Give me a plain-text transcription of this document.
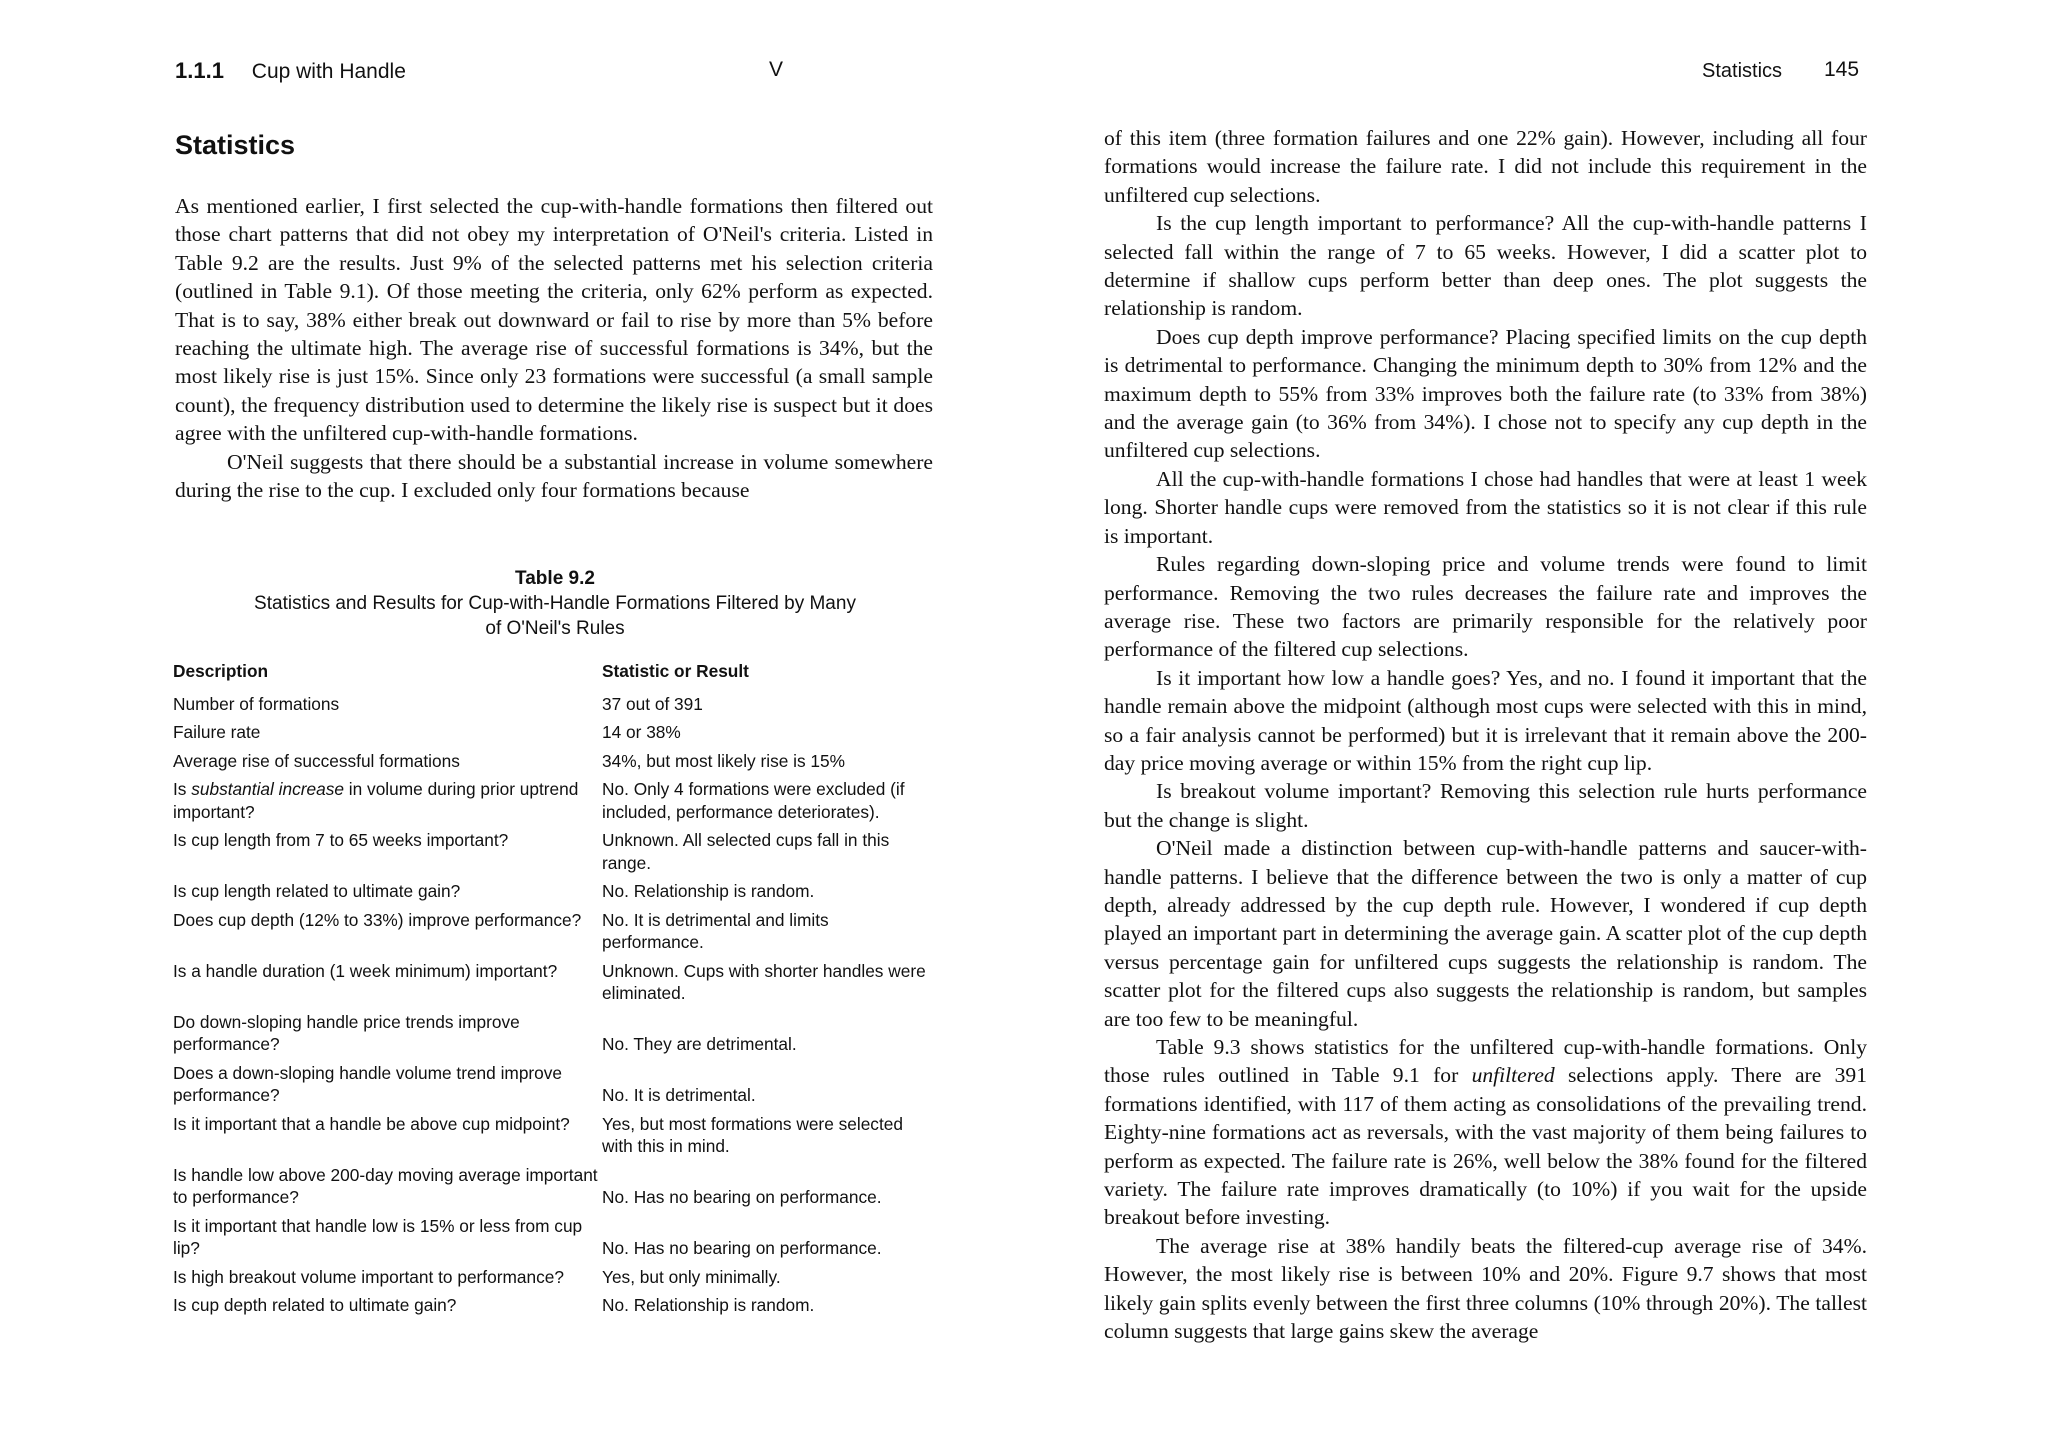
1.1.1 Cup with Handle	V
Statistics

As mentioned earlier, I first selected the cup-with-handle formations then filtered out those chart patterns that did not obey my interpretation of O'Neil's criteria. Listed in Table 9.2 are the results. Just 9% of the selected patterns met his selection criteria (outlined in Table 9.1). Of those meeting the criteria, only 62% perform as expected. That is to say, 38% either break out downward or fail to rise by more than 5% before reaching the ultimate high. The average rise of successful formations is 34%, but the most likely rise is just 15%. Since only 23 formations were successful (a small sample count), the frequency distribution used to determine the likely rise is suspect but it does agree with the unfiltered cup-with-handle formations.

O'Neil suggests that there should be a substantial increase in volume somewhere during the rise to the cup. I excluded only four formations because

Table 9.2
Statistics and Results for Cup-with-Handle Formations Filtered by Many
of O'Neil's Rules
Description	Statistic or Result
Number of formations	37 out of 391
Failure rate	14 or 38%
Average rise of successful formations	34%, but most likely rise is 15%
Is substantial increase in volume during prior uptrend important?	No. Only 4 formations were excluded (if included, performance deteriorates).
Is cup length from 7 to 65 weeks important?	Unknown. All selected cups fall in this range.
Is cup length related to ultimate gain?	No. Relationship is random.
Does cup depth (12% to 33%) improve performance?	No. It is detrimental and limits performance.
Is a handle duration (1 week minimum) important?	Unknown. Cups with shorter handles were eliminated.
Do down-sloping handle price trends improve performance?	No. They are detrimental.
Does a down-sloping handle volume trend improve performance?	No. It is detrimental.
Is it important that a handle be above cup midpoint?	Yes, but most formations were selected with this in mind.
Is handle low above 200-day moving average important to performance?	No. Has no bearing on performance.
Is it important that handle low is 15% or less from cup lip?	No. Has no bearing on performance.
Is high breakout volume important to performance?	Yes, but only minimally.
Is cup depth related to ultimate gain?	No. Relationship is random.
Statistics 145

of this item (three formation failures and one 22% gain). However, including all four formations would increase the failure rate. I did not include this requirement in the unfiltered cup selections.

Is the cup length important to performance? All the cup-with-handle patterns I selected fall within the range of 7 to 65 weeks. However, I did a scatter plot to determine if shallow cups perform better than deep ones. The plot suggests the relationship is random.

Does cup depth improve performance? Placing specified limits on the cup depth is detrimental to performance. Changing the minimum depth to 30% from 12% and the maximum depth to 55% from 33% improves both the failure rate (to 33% from 38%) and the average gain (to 36% from 34%). I chose not to specify any cup depth in the unfiltered cup selections.

All the cup-with-handle formations I chose had handles that were at least 1 week long. Shorter handle cups were removed from the statistics so it is not clear if this rule is important.

Rules regarding down-sloping price and volume trends were found to limit performance. Removing the two rules decreases the failure rate and improves the average rise. These two factors are primarily responsible for the relatively poor performance of the filtered cup selections.

Is it important how low a handle goes? Yes, and no. I found it important that the handle remain above the midpoint (although most cups were selected with this in mind, so a fair analysis cannot be performed) but it is irrelevant that it remain above the 200-day price moving average or within 15% from the right cup lip.

Is breakout volume important? Removing this selection rule hurts performance but the change is slight.

O'Neil made a distinction between cup-with-handle patterns and saucer-with-handle patterns. I believe that the difference between the two is only a matter of cup depth, already addressed by the cup depth rule. However, I wondered if cup depth played an important part in determining the average gain. A scatter plot of the cup depth versus percentage gain for unfiltered cups suggests the relationship is random. The scatter plot for the filtered cups also suggests the relationship is random, but samples are too few to be meaningful.

Table 9.3 shows statistics for the unfiltered cup-with-handle formations. Only those rules outlined in Table 9.1 for unfiltered selections apply. There are 391 formations identified, with 117 of them acting as consolidations of the prevailing trend. Eighty-nine formations act as reversals, with the vast majority of them being failures to perform as expected. The failure rate is 26%, well below the 38% found for the filtered variety. The failure rate improves dramatically (to 10%) if you wait for the upside breakout before investing.

The average rise at 38% handily beats the filtered-cup average rise of 34%. However, the most likely rise is between 10% and 20%. Figure 9.7 shows that most likely gain splits evenly between the first three columns (10% through 20%). The tallest column suggests that large gains skew the average
